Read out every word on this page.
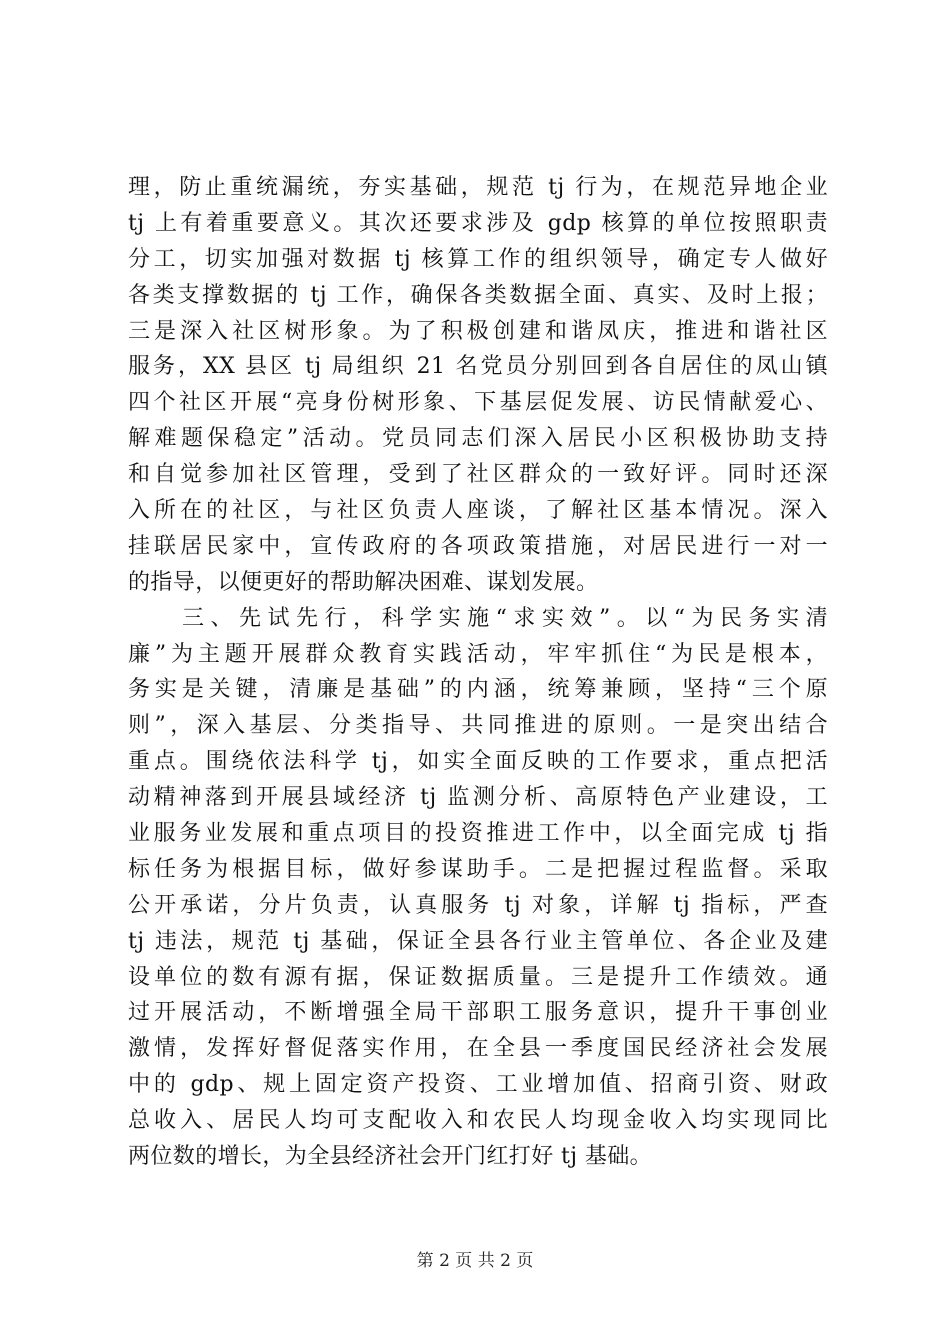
理，防止重统漏统，夯实基础，规范 tj 行为，在规范异地企业
tj 上有着重要意义。其次还要求涉及 gdp 核算的单位按照职责
分工，切实加强对数据 tj 核算工作的组织领导，确定专人做好
各类支撑数据的 tj 工作，确保各类数据全面、真实、及时上报；
三是深入社区树形象。为了积极创建和谐凤庆，推进和谐社区
服务，XX 县区 tj 局组织 21 名党员分别回到各自居住的凤山镇
四个社区开展“亮身份树形象、下基层促发展、访民情献爱心、
解难题保稳定”活动。党员同志们深入居民小区积极协助支持
和自觉参加社区管理，受到了社区群众的一致好评。同时还深
入所在的社区，与社区负责人座谈，了解社区基本情况。深入
挂联居民家中，宣传政府的各项政策措施，对居民进行一对一
的指导，以便更好的帮助解决困难、谋划发展。
三、先试先行，科学实施“求实效”。以“为民务实清
廉”为主题开展群众教育实践活动，牢牢抓住“为民是根本，
务实是关键，清廉是基础”的内涵，统筹兼顾，坚持“三个原
则”，深入基层、分类指导、共同推进的原则。一是突出结合
重点。围绕依法科学 tj，如实全面反映的工作要求，重点把活
动精神落到开展县域经济 tj 监测分析、高原特色产业建设，工
业服务业发展和重点项目的投资推进工作中，以全面完成 tj 指
标任务为根据目标，做好参谋助手。二是把握过程监督。采取
公开承诺，分片负责，认真服务 tj 对象，详解 tj 指标，严查
tj 违法，规范 tj 基础，保证全县各行业主管单位、各企业及建
设单位的数有源有据，保证数据质量。三是提升工作绩效。通
过开展活动，不断增强全局干部职工服务意识，提升干事创业
激情，发挥好督促落实作用，在全县一季度国民经济社会发展
中的 gdp、规上固定资产投资、工业增加值、招商引资、财政
总收入、居民人均可支配收入和农民人均现金收入均实现同比
两位数的增长，为全县经济社会开门红打好 tj 基础。
第 2 页 共 2 页
